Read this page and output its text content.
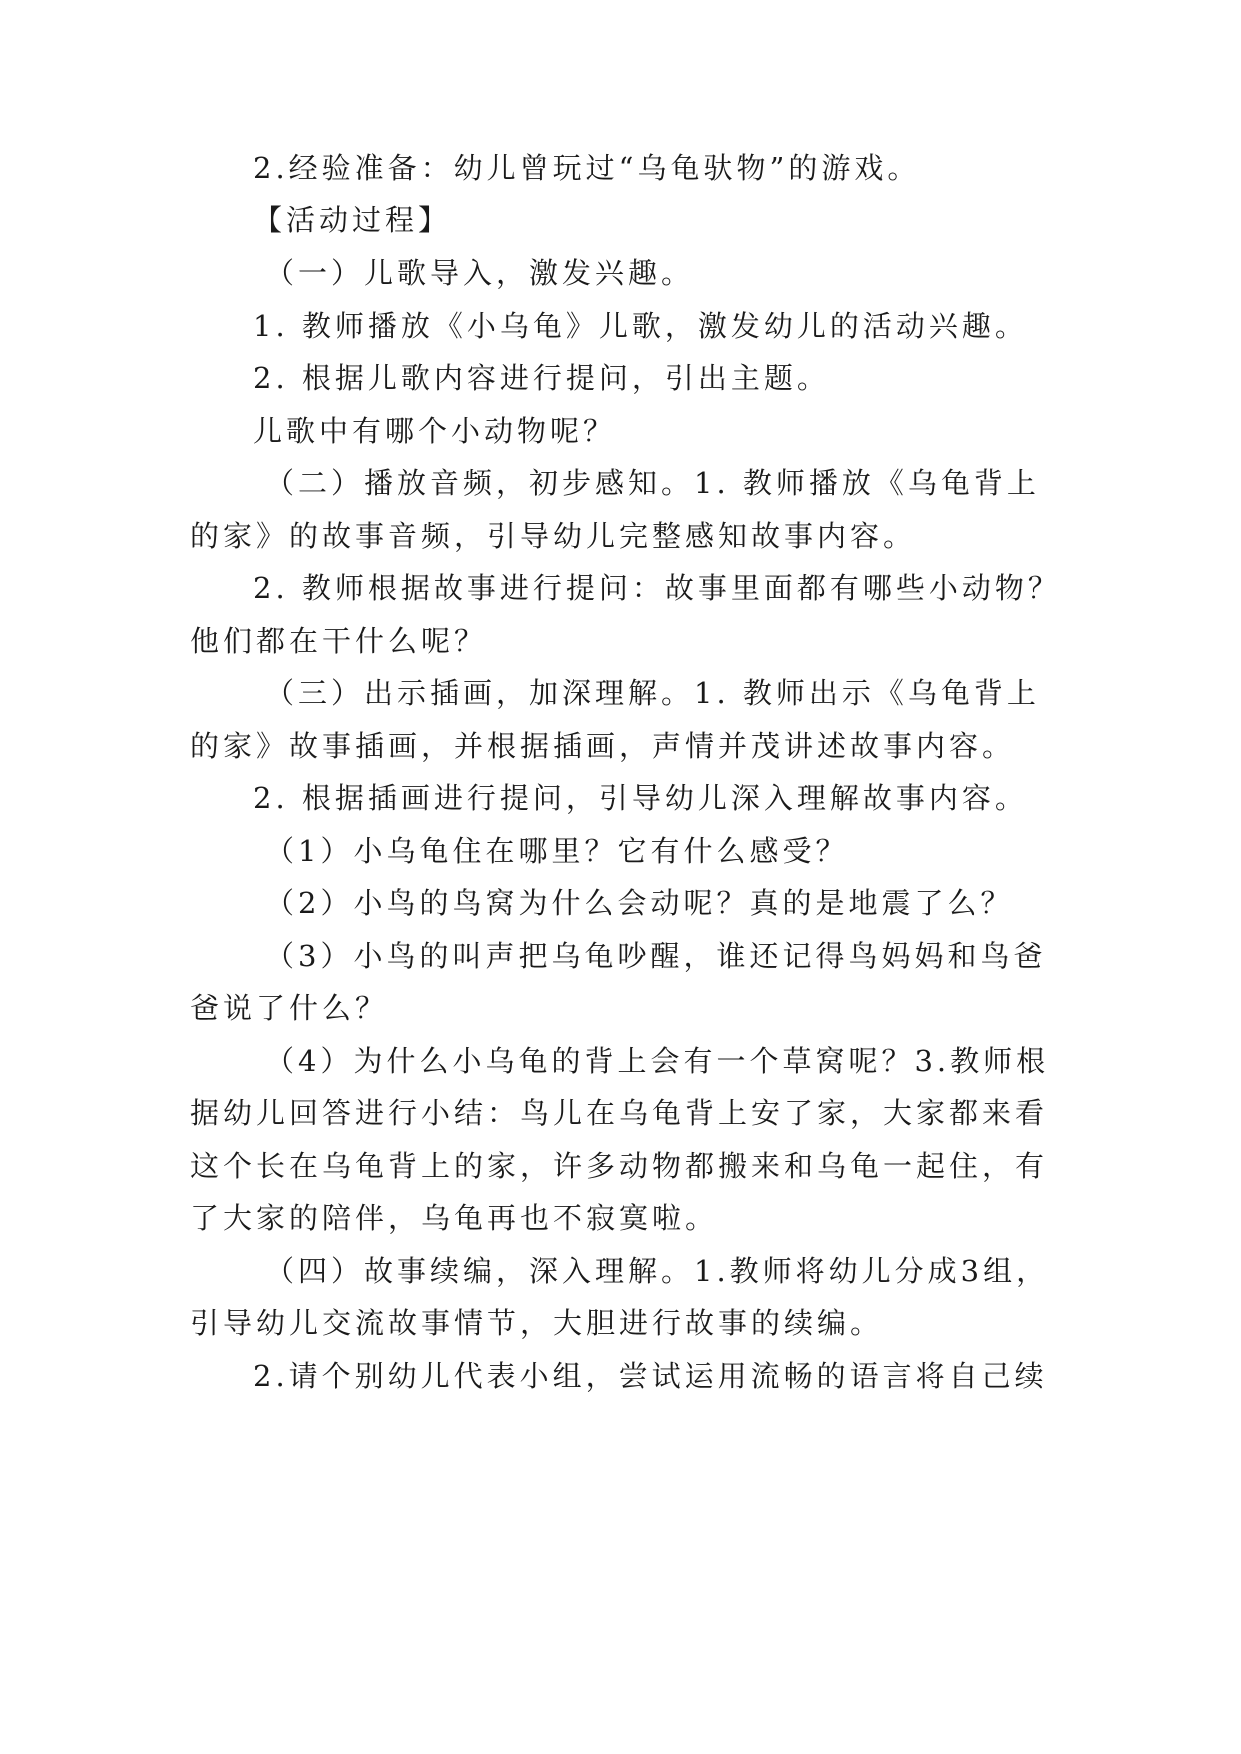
2.经验准备：幼儿曾玩过“乌龟驮物”的游戏。

【活动过程】

（一）儿歌导入，激发兴趣。

1. 教师播放《小乌龟》儿歌，激发幼儿的活动兴趣。

2. 根据儿歌内容进行提问，引出主题。

儿歌中有哪个小动物呢？

（二）播放音频，初步感知。1. 教师播放《乌龟背上

的家》的故事音频，引导幼儿完整感知故事内容。

2. 教师根据故事进行提问：故事里面都有哪些小动物？

他们都在干什么呢？

（三）出示插画，加深理解。1. 教师出示《乌龟背上

的家》故事插画，并根据插画，声情并茂讲述故事内容。

2. 根据插画进行提问，引导幼儿深入理解故事内容。

（1）小乌龟住在哪里？它有什么感受？

（2）小鸟的鸟窝为什么会动呢？真的是地震了么？

（3）小鸟的叫声把乌龟吵醒，谁还记得鸟妈妈和鸟爸

爸说了什么？

（4）为什么小乌龟的背上会有一个草窝呢？3.教师根

据幼儿回答进行小结：鸟儿在乌龟背上安了家，大家都来看

这个长在乌龟背上的家，许多动物都搬来和乌龟一起住，有

了大家的陪伴，乌龟再也不寂寞啦。

（四）故事续编，深入理解。1.教师将幼儿分成3组，

引导幼儿交流故事情节，大胆进行故事的续编。

2.请个别幼儿代表小组，尝试运用流畅的语言将自己续
